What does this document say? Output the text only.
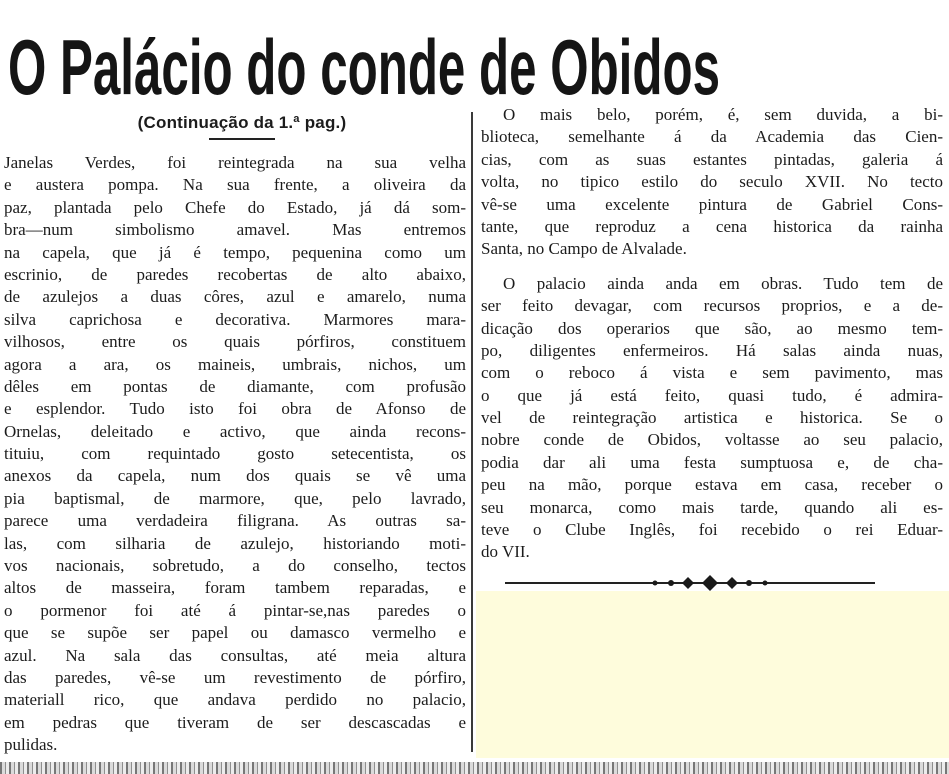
O Palácio do conde de Obidos
(Continuação da 1.ª pag.)
Janelas Verdes, foi reintegrada na sua velha
e austera pompa. Na sua frente, a oliveira da
paz, plantada pelo Chefe do Estado, já dá som-
bra—num simbolismo amavel. Mas entremos
na capela, que já é tempo, pequenina como um
escrinio, de paredes recobertas de alto abaixo,
de azulejos a duas côres, azul e amarelo, numa
silva caprichosa e decorativa. Marmores mara-
vilhosos, entre os quais pórfiros, constituem
agora a ara, os maineis, umbrais, nichos, um
dêles em pontas de diamante, com profusão
e esplendor. Tudo isto foi obra de Afonso de
Ornelas, deleitado e activo, que ainda recons-
tituiu, com requintado gosto setecentista, os
anexos da capela, num dos quais se vê uma
pia baptismal, de marmore, que, pelo lavrado,
parece uma verdadeira filigrana. As outras sa-
las, com silharia de azulejo, historiando moti-
vos nacionais, sobretudo, a do conselho, tectos
altos de masseira, foram tambem reparadas, e
o pormenor foi até á pintar-se,nas paredes o
que se supõe ser papel ou damasco vermelho e
azul. Na sala das consultas, até meia altura
das paredes, vê-se um revestimento de pórfiro,
materiall rico, que andava perdido no palacio,
em pedras que tiveram de ser descascadas e
pulidas.
O mais belo, porém, é, sem duvida, a bi-
blioteca, semelhante á da Academia das Cien-
cias, com as suas estantes pintadas, galeria á
volta, no tipico estilo do seculo XVII. No tecto
vê-se uma excelente pintura de Gabriel Cons-
tante, que reproduz a cena historica da rainha
Santa, no Campo de Alvalade.
O palacio ainda anda em obras. Tudo tem de
ser feito devagar, com recursos proprios, e a de-
dicação dos operarios que são, ao mesmo tem-
po, diligentes enfermeiros. Há salas ainda nuas,
com o reboco á vista e sem pavimento, mas
o que já está feito, quasi tudo, é admira-
vel de reintegração artistica e historica. Se o
nobre conde de Obidos, voltasse ao seu palacio,
podia dar ali uma festa sumptuosa e, de cha-
peu na mão, porque estava em casa, receber o
seu monarca, como mais tarde, quando ali es-
teve o Clube Inglês, foi recebido o rei Eduar-
do VII.
